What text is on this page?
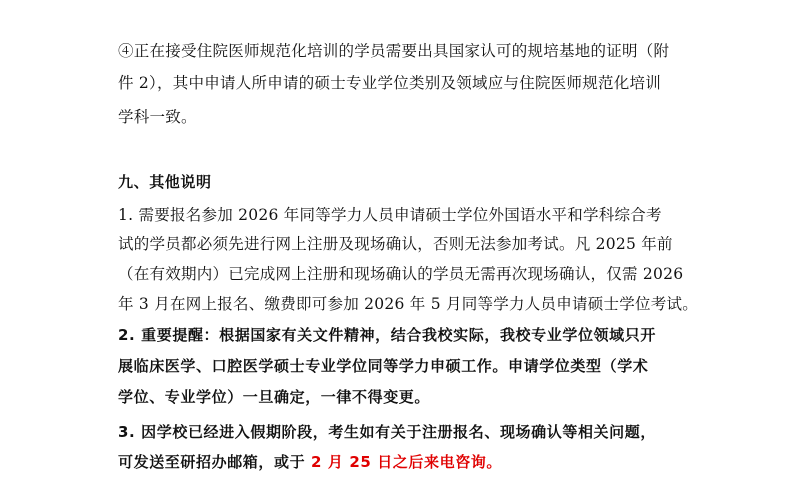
④正在接受住院医师规范化培训的学员需要出具国家认可的规培基地的证明（附
件 2），其中申请人所申请的硕士专业学位类别及领域应与住院医师规范化培训
学科一致。
九、其他说明
1. 需要报名参加 2026 年同等学力人员申请硕士学位外国语水平和学科综合考
试的学员都必须先进行网上注册及现场确认，否则无法参加考试。凡 2025 年前
（在有效期内）已完成网上注册和现场确认的学员无需再次现场确认，仅需 2026
年 3 月在网上报名、缴费即可参加 2026 年 5 月同等学力人员申请硕士学位考试。
2. 重要提醒：根据国家有关文件精神，结合我校实际，我校专业学位领域只开
展临床医学、口腔医学硕士专业学位同等学力申硕工作。申请学位类型（学术
学位、专业学位）一旦确定，一律不得变更。
3. 因学校已经进入假期阶段，考生如有关于注册报名、现场确认等相关问题，
可发送至研招办邮箱，或于 2 月 25 日之后来电咨询。
